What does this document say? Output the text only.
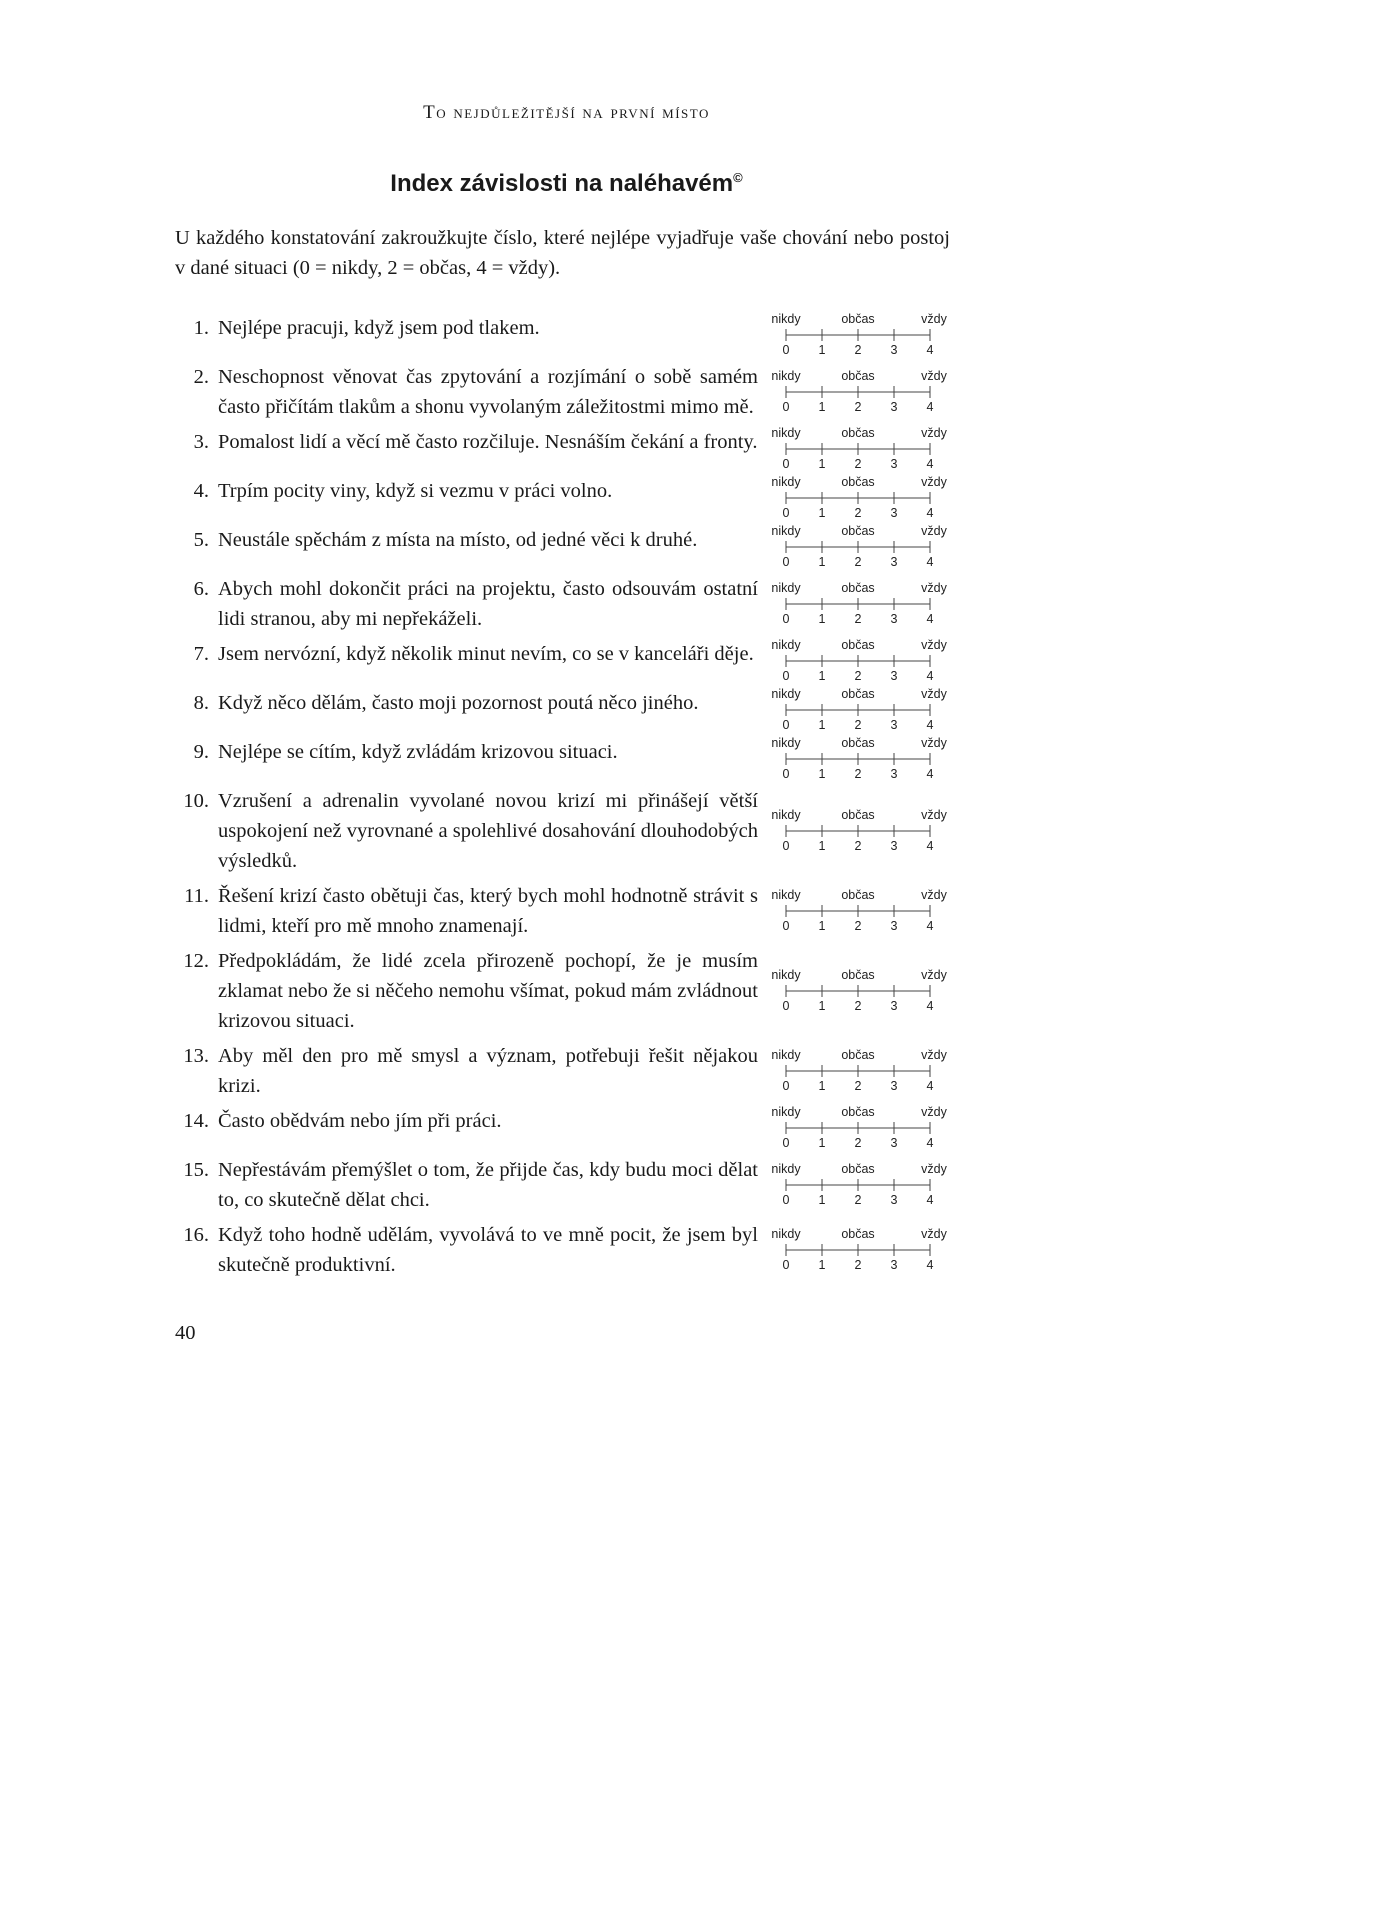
To nejdůležitější na první místo
Index závislosti na naléhavém©

U každého konstatování zakroužkujte číslo, které nejlépe vyjadřuje vaše chování nebo postoj v dané situaci (0 = nikdy, 2 = občas, 4 = vždy).

1. Nejlépe pracuji, když jsem pod tlakem.	nikdy	občas	vždy
0 1 2 3 4
2. Neschopnost věnovat čas zpytování a rozjímání o sobě samém často přičítám tlakům a shonu vyvolaným záležitostmi mimo mě.
nikdy	občas	vždy
0 1 2 3 4
3. Pomalost lidí a věcí mě často rozčiluje. Nesnáším čekání a fronty. nikdy	občas	vždy
0 1 2 3 4
4. Trpím pocity viny, když si vezmu v práci volno.	nikdy	občas	vždy
0 1 2 3 4
5. Neustále spěchám z místa na místo, od jedné věci k druhé.	nikdy	občas	vždy
0 1 2 3 4
6. Abych mohl dokončit práci na projektu, často odsouvám ostatní lidi stranou, aby mi nepřekáželi.
nikdy	občas	vždy
0 1 2 3 4
7. Jsem nervózní, když několik minut nevím, co se v kanceláři děje.	nikdy	občas	vždy
0 1 2 3 4
8. Když něco dělám, často moji pozornost poutá něco jiného.	nikdy	občas	vždy
0 1 2 3 4
9. Nejlépe se cítím, když zvládám krizovou situaci.	nikdy	občas	vždy
0 1 2 3 4
10. Vzrušení a adrenalin vyvolané novou krizí mi přinášejí větší uspokojení než vyrovnané a spolehlivé dosahování dlouhodobých výsledků.
nikdy	občas	vždy
0 1 2 3 4
11. Řešení krizí často obětuji čas, který bych mohl hodnotně strávit s lidmi, kteří pro mě mnoho znamenají.
nikdy	občas	vždy
0 1 2 3 4
12. Předpokládám, že lidé zcela přirozeně pochopí, že je musím zklamat nebo že si něčeho nemohu všímat, pokud mám zvládnout krizovou situaci.
nikdy	občas	vždy
0 1 2 3 4
13. Aby měl den pro mě smysl a význam, potřebuji řešit nějakou krizi.
nikdy	občas	vždy
0 1 2 3 4
14. Často obědvám nebo jím při práci.	nikdy	občas	vždy
0 1 2 3 4
15. Nepřestávám přemýšlet o tom, že přijde čas, kdy budu moci dělat to, co skutečně dělat chci.
nikdy	občas	vždy
0 1 2 3 4
16. Když toho hodně udělám, vyvolává to ve mně pocit, že jsem byl skutečně produktivní.
nikdy	občas	vždy
0 1 2 3 4
40
